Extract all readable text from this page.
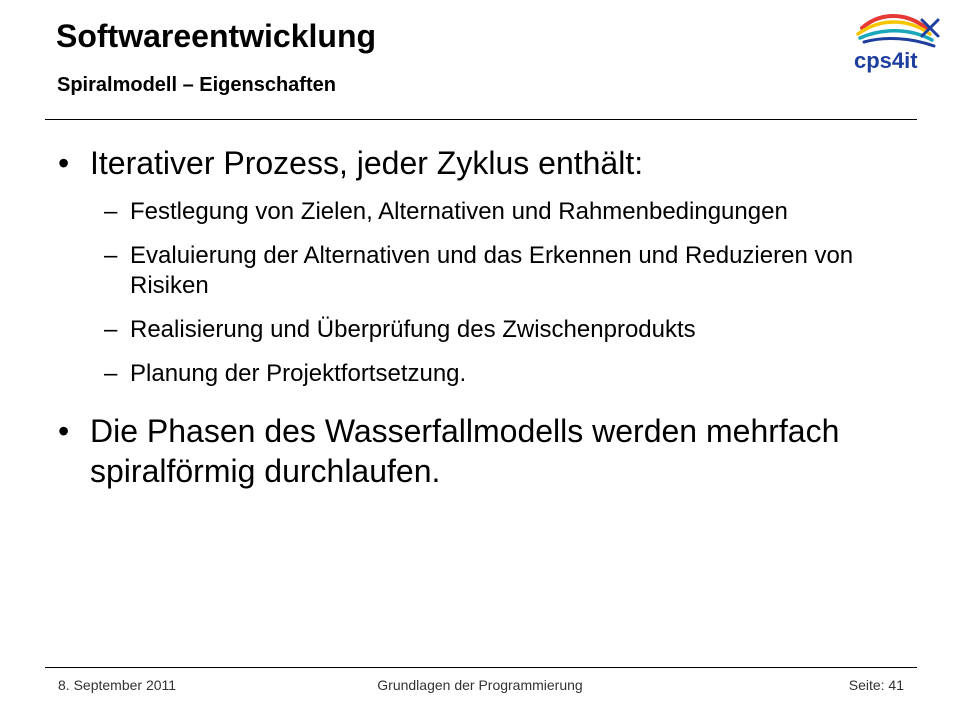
Softwareentwicklung
Spiralmodell – Eigenschaften
cps4it
• Iterativer Prozess, jeder Zyklus enthält:
– Festlegung von Zielen, Alternativen und Rahmenbedingungen
– Evaluierung der Alternativen und das Erkennen und Reduzieren von Risiken
– Realisierung und Überprüfung des Zwischenprodukts
– Planung der Projektfortsetzung.
• Die Phasen des Wasserfallmodells werden mehrfach spiralförmig durchlaufen.
8. September 2011	Grundlagen der Programmierung	Seite: 41
